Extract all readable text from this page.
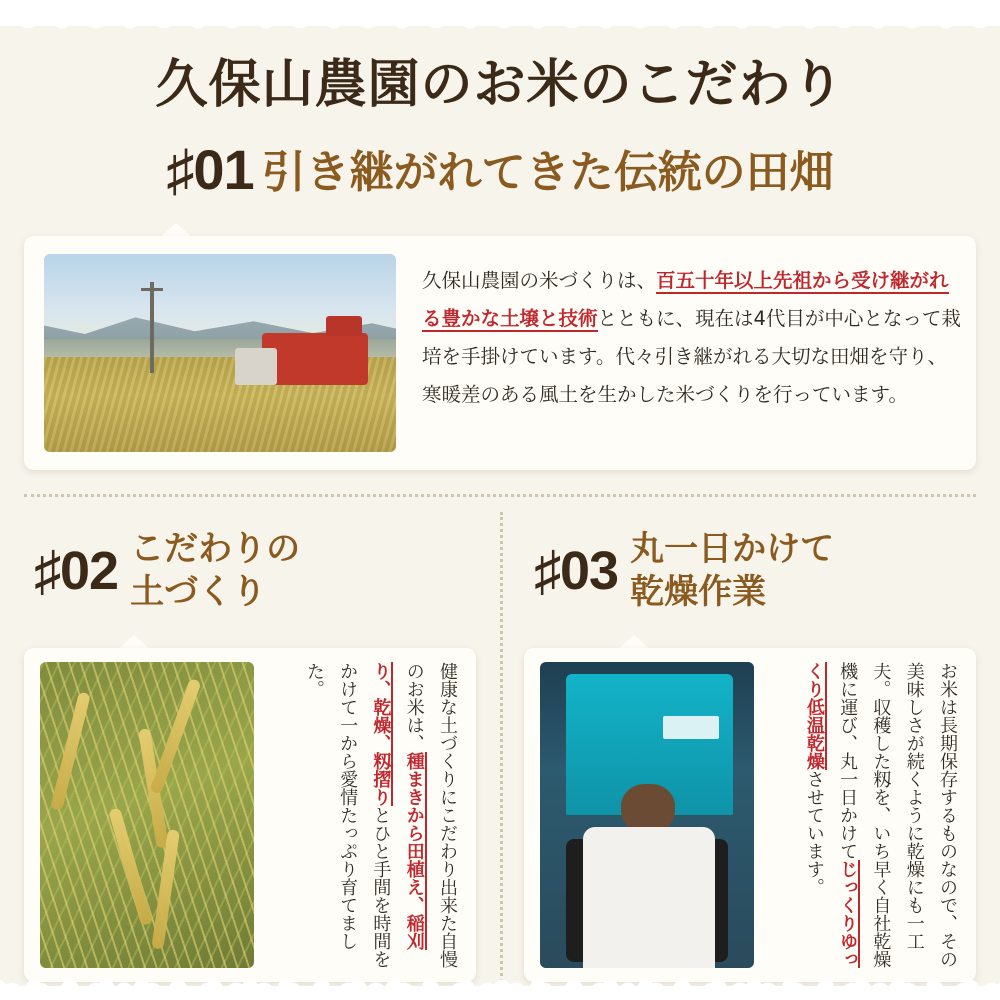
久保山農園のお米のこだわり
♯01 引き継がれてきた伝統の田畑
久保山農園の米づくりは、百五十年以上先祖から受け継がれる豊かな土壌と技術とともに、現在は4代目が中心となって栽培を手掛けています。代々引き継がれる大切な田畑を守り、寒暖差のある風土を生かした米づくりを行っています。
♯02 こだわりの
土づくり	♯03 丸一日かけて
乾燥作業
健康な土づくりにこだわり出来た自慢のお米は、種まきから田植え、稲刈り、乾燥、籾摺りとひと手間を時間をかけて一から愛情たっぷり育てました。	お米は長期保存するものなので、その美味しさが続くように乾燥にも一工夫。収穫した籾を、いち早く自社乾燥機に運び、丸一日かけてじっくりゆっくり低温乾燥させています。
